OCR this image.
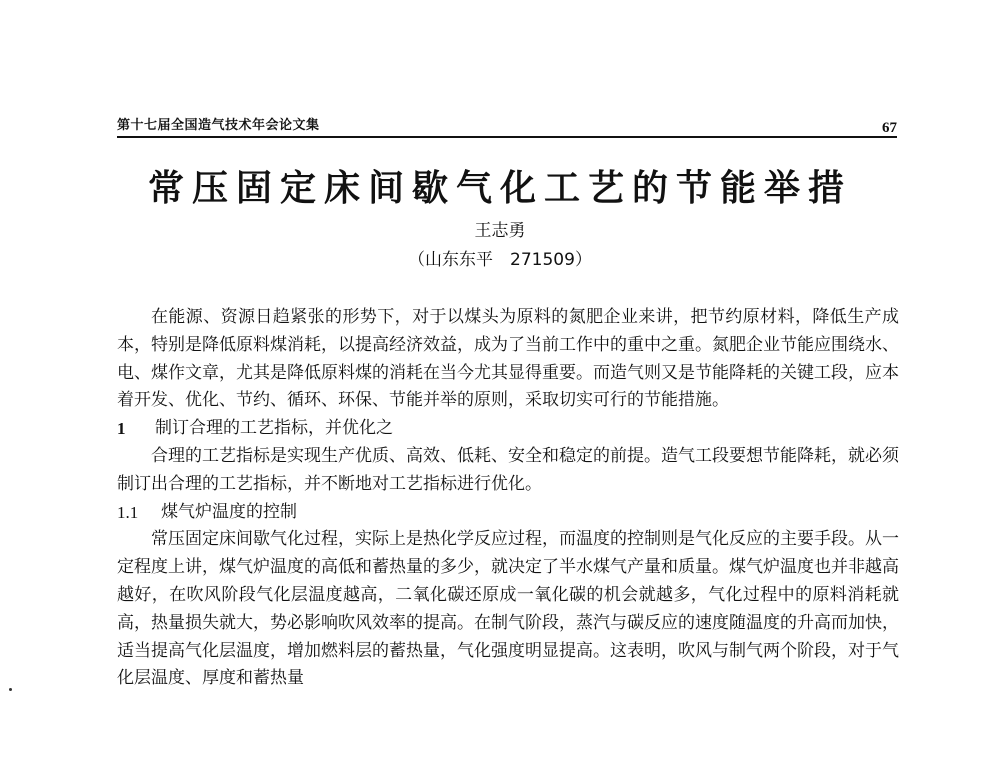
第十七届全国造气技术年会论文集	67
常压固定床间歇气化工艺的节能举措
王志勇
（山东东平　271509）

在能源、资源日趋紧张的形势下，对于以煤头为原料的氮肥企业来讲，把节约原材料，降低生产成本，特别是降低原料煤消耗，以提高经济效益，成为了当前工作中的重中之重。氮肥企业节能应围绕水、电、煤作文章，尤其是降低原料煤的消耗在当今尤其显得重要。而造气则又是节能降耗的关键工段，应本着开发、优化、节约、循环、环保、节能并举的原则，采取切实可行的节能措施。

1	制订合理的工艺指标，并优化之

合理的工艺指标是实现生产优质、高效、低耗、安全和稳定的前提。造气工段要想节能降耗，就必须制订出合理的工艺指标，并不断地对工艺指标进行优化。

1.1	煤气炉温度的控制

常压固定床间歇气化过程，实际上是热化学反应过程，而温度的控制则是气化反应的主要手段。从一定程度上讲，煤气炉温度的高低和蓄热量的多少，就决定了半水煤气产量和质量。煤气炉温度也并非越高越好，在吹风阶段气化层温度越高，二氧化碳还原成一氧化碳的机会就越多，气化过程中的原料消耗就高，热量损失就大，势必影响吹风效率的提高。在制气阶段，蒸汽与碳反应的速度随温度的升高而加快，适当提高气化层温度，增加燃料层的蓄热量，气化强度明显提高。这表明，吹风与制气两个阶段，对于气化层温度、厚度和蓄热量
